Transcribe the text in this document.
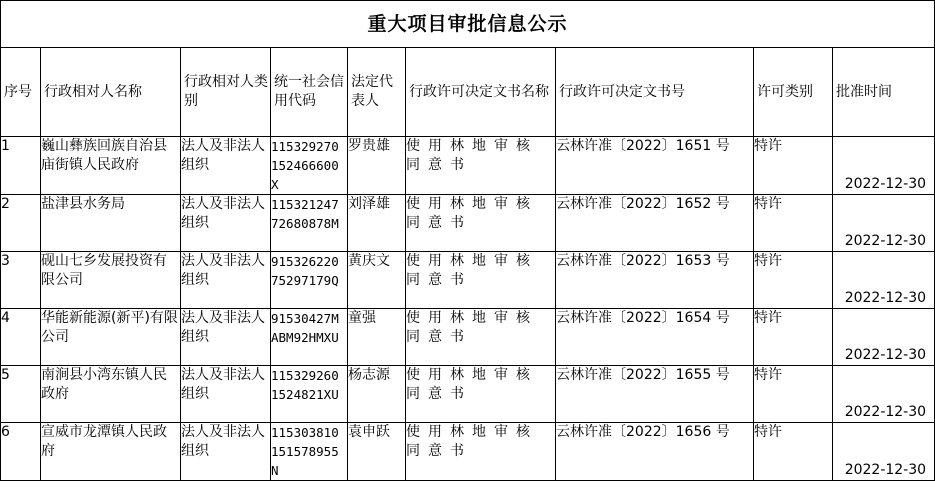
重大项目审批信息公示								
序号	行政相对人名称	行政相对人类别	统一社会信用代码	法定代表人	行政许可决定文书名称	行政许可决定文书号	许可类别	批准时间
1	巍山彝族回族自治县庙街镇人民政府	法人及非法人组织	115329270152466600X	罗贵雄	使用林地审核同意书	云林许准〔2022〕1651 号	特许	2022-12-30
2	盐津县水务局	法人及非法人组织	11532124772680878M	刘泽雄	使用林地审核同意书	云林许准〔2022〕1652 号	特许	2022-12-30
3	砚山七乡发展投资有限公司	法人及非法人组织	91532622075297179Q	黄庆文	使用林地审核同意书	云林许准〔2022〕1653 号	特许	2022-12-30
4	华能新能源(新平)有限公司	法人及非法人组织	91530427MABM92HMXU	童强	使用林地审核同意书	云林许准〔2022〕1654 号	特许	2022-12-30
5	南涧县小湾东镇人民政府	法人及非法人组织	1153292601524821XU	杨志源	使用林地审核同意书	云林许准〔2022〕1655 号	特许	2022-12-30
6	宣威市龙潭镇人民政府	法人及非法人组织	115303810151578955N	袁申跃	使用林地审核同意书	云林许准〔2022〕1656 号	特许	2022-12-30
